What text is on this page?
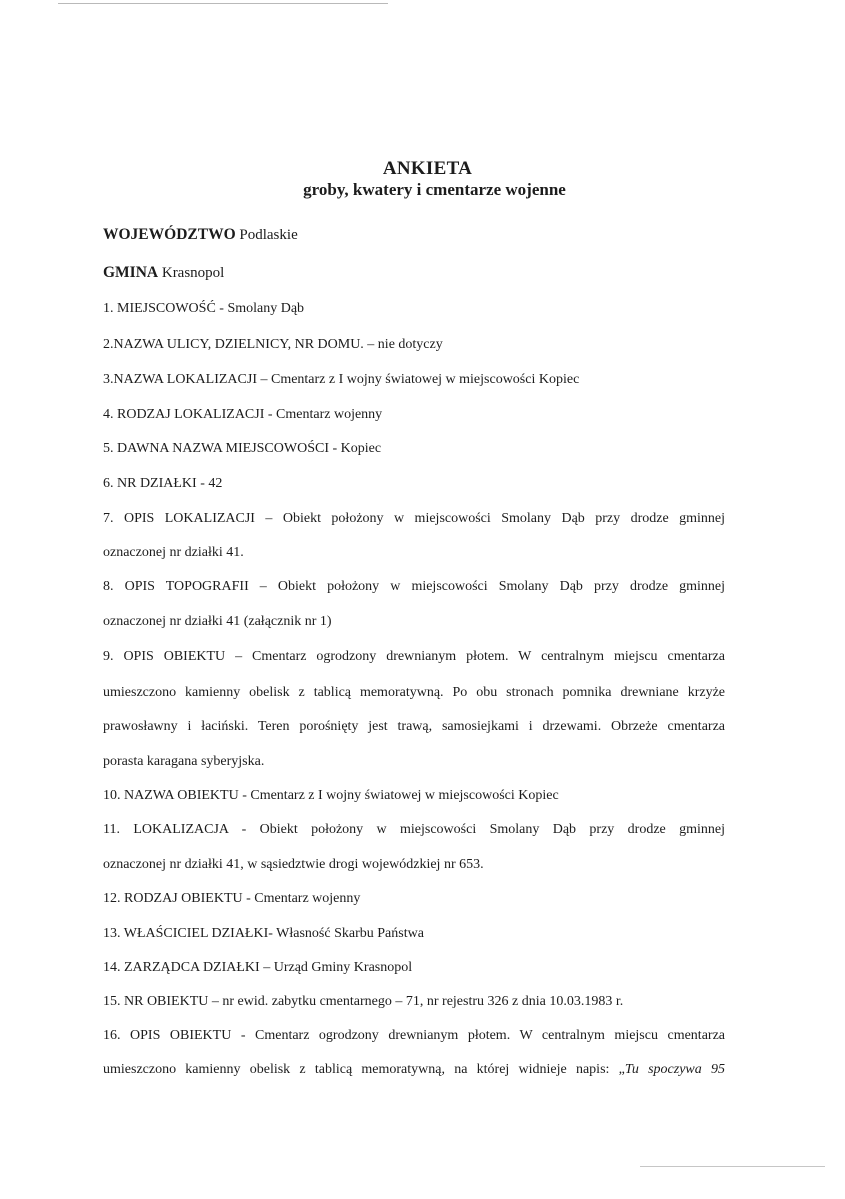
ANKIETA
groby, kwatery i cmentarze wojenne
WOJEWÓDZTWO Podlaskie
GMINA Krasnopol
1. MIEJSCOWOŚĆ - Smolany Dąb
2.NAZWA ULICY, DZIELNICY, NR DOMU. – nie dotyczy
3.NAZWA LOKALIZACJI – Cmentarz z I wojny światowej w miejscowości Kopiec
4. RODZAJ LOKALIZACJI - Cmentarz wojenny
5. DAWNA NAZWA MIEJSCOWOŚCI - Kopiec
6. NR DZIAŁKI - 42
7. OPIS LOKALIZACJI – Obiekt położony w miejscowości Smolany Dąb przy drodze gminnej
oznaczonej nr działki 41.
8. OPIS TOPOGRAFII – Obiekt położony w miejscowości Smolany Dąb przy drodze gminnej
oznaczonej nr działki 41 (załącznik nr 1)
9. OPIS OBIEKTU – Cmentarz ogrodzony drewnianym płotem. W centralnym miejscu cmentarza
umieszczono kamienny obelisk z tablicą memoratywną. Po obu stronach pomnika drewniane krzyże
prawosławny i łaciński. Teren porośnięty jest trawą, samosiejkami i drzewami. Obrzeże cmentarza
porasta karagana syberyjska.
10. NAZWA OBIEKTU - Cmentarz z I wojny światowej w miejscowości Kopiec
11. LOKALIZACJA - Obiekt położony w miejscowości Smolany Dąb przy drodze gminnej
oznaczonej nr działki 41, w sąsiedztwie drogi wojewódzkiej nr 653.
12. RODZAJ OBIEKTU - Cmentarz wojenny
13. WŁAŚCICIEL DZIAŁKI- Własność Skarbu Państwa
14. ZARZĄDCA DZIAŁKI – Urząd Gminy Krasnopol
15. NR OBIEKTU – nr ewid. zabytku cmentarnego – 71, nr rejestru 326 z dnia 10.03.1983 r.
16. OPIS OBIEKTU - Cmentarz ogrodzony drewnianym płotem. W centralnym miejscu cmentarza
umieszczono kamienny obelisk z tablicą memoratywną, na której widnieje napis: „Tu spoczywa 95
